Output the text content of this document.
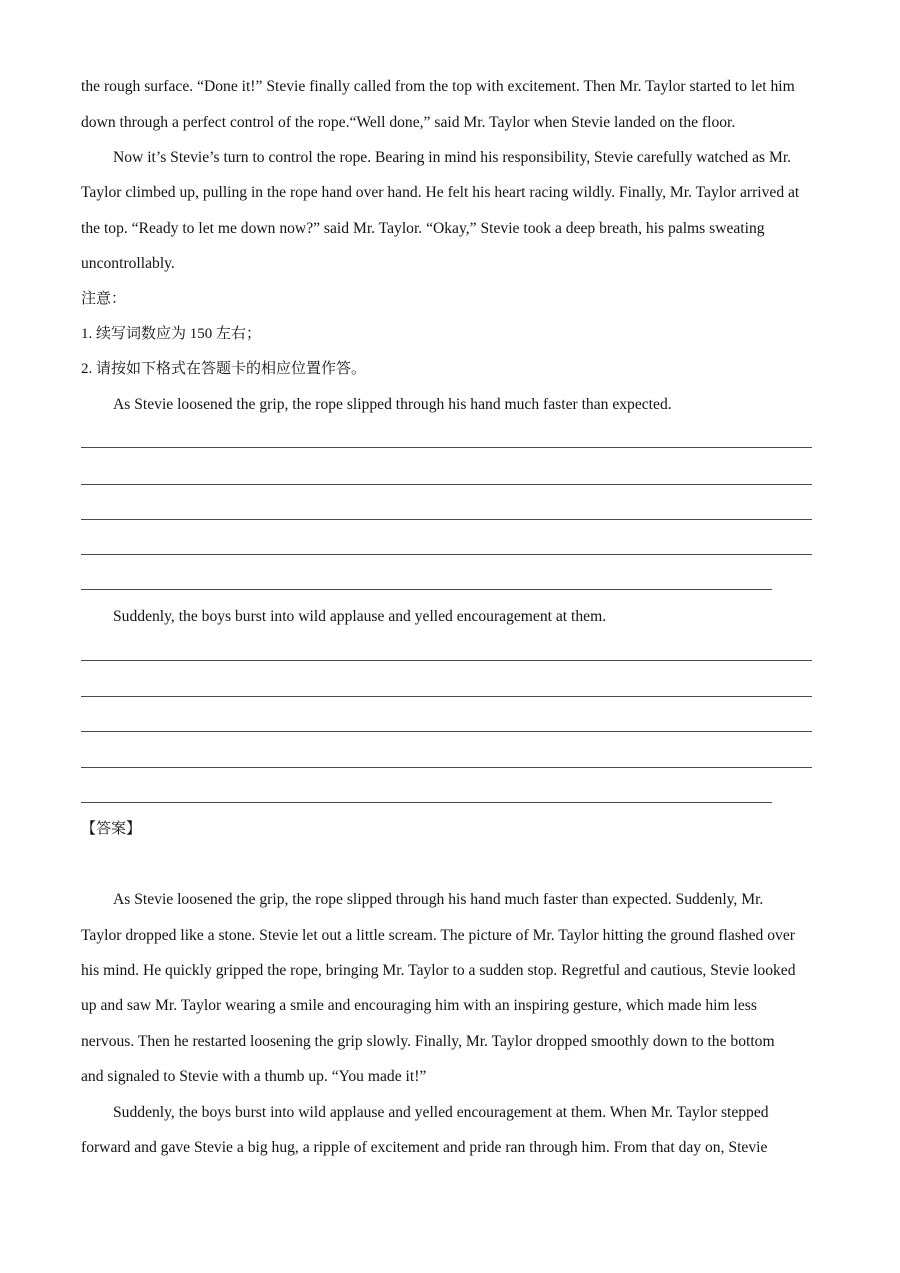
the rough surface. “Done it!” Stevie finally called from the top with excitement. Then Mr. Taylor started to let him
down through a perfect control of the rope.“Well done,” said Mr. Taylor when Stevie landed on the floor.
Now it’s Stevie’s turn to control the rope. Bearing in mind his responsibility, Stevie carefully watched as Mr.
Taylor climbed up, pulling in the rope hand over hand. He felt his heart racing wildly. Finally, Mr. Taylor arrived at
the top. “Ready to let me down now?” said Mr. Taylor. “Okay,” Stevie took a deep breath, his palms sweating
uncontrollably.
注意：
1. 续写词数应为 150 左右；
2. 请按如下格式在答题卡的相应位置作答。
As Stevie loosened the grip, the rope slipped through his hand much faster than expected.
Suddenly, the boys burst into wild applause and yelled encouragement at them.
【答案】
As Stevie loosened the grip, the rope slipped through his hand much faster than expected. Suddenly, Mr.
Taylor dropped like a stone. Stevie let out a little scream. The picture of Mr. Taylor hitting the ground flashed over
his mind. He quickly gripped the rope, bringing Mr. Taylor to a sudden stop. Regretful and cautious, Stevie looked
up and saw Mr. Taylor wearing a smile and encouraging him with an inspiring gesture, which made him less
nervous. Then he restarted loosening the grip slowly. Finally, Mr. Taylor dropped smoothly down to the bottom
and signaled to Stevie with a thumb up. “You made it!”
Suddenly, the boys burst into wild applause and yelled encouragement at them. When Mr. Taylor stepped
forward and gave Stevie a big hug, a ripple of excitement and pride ran through him. From that day on, Stevie
